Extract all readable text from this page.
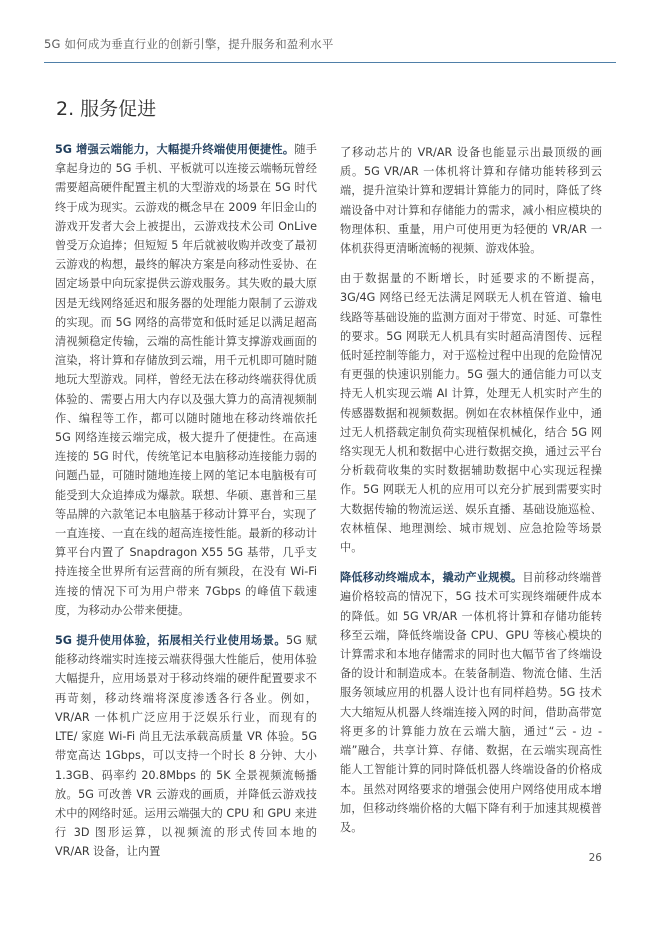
5G 如何成为垂直行业的创新引擎，提升服务和盈利水平
2. 服务促进

5G 增强云端能力，大幅提升终端使用便捷性。随手拿起身边的 5G 手机、平板就可以连接云端畅玩曾经需要超高硬件配置主机的大型游戏的场景在 5G 时代终于成为现实。云游戏的概念早在 2009 年旧金山的游戏开发者大会上被提出，云游戏技术公司 OnLive 曾受万众追捧；但短短 5 年后就被收购并改变了最初云游戏的构想，最终的解决方案是向移动性妥协、在固定场景中向玩家提供云游戏服务。其失败的最大原因是无线网络延迟和服务器的处理能力限制了云游戏的实现。而 5G 网络的高带宽和低时延足以满足超高清视频稳定传输，云端的高性能计算支撑游戏画面的渲染，将计算和存储放到云端，用千元机即可随时随地玩大型游戏。同样，曾经无法在移动终端获得优质体验的、需要占用大内存以及强大算力的高清视频制作、编程等工作，都可以随时随地在移动终端依托 5G 网络连接云端完成，极大提升了便捷性。在高速连接的 5G 时代，传统笔记本电脑移动连接能力弱的问题凸显，可随时随地连接上网的笔记本电脑极有可能受到大众追捧成为爆款。联想、华硕、惠普和三星等品牌的六款笔记本电脑基于移动计算平台，实现了一直连接、一直在线的超高连接性能。最新的移动计算平台内置了 Snapdragon X55 5G 基带，几乎支持连接全世界所有运营商的所有频段，在没有 Wi-Fi 连接的情况下可为用户带来 7Gbps 的峰值下载速度，为移动办公带来便捷。

5G 提升使用体验，拓展相关行业使用场景。5G 赋能移动终端实时连接云端获得强大性能后，使用体验大幅提升，应用场景对于移动终端的硬件配置要求不再苛刻，移动终端将深度渗透各行各业。例如，VR/AR 一体机广泛应用于泛娱乐行业，而现有的 LTE/ 家庭 Wi-Fi 尚且无法承载高质量 VR 体验。5G 带宽高达 1Gbps，可以支持一个时长 8 分钟、大小 1.3GB、码率约 20.8Mbps 的 5K 全景视频流畅播放。5G 可改善 VR 云游戏的画质，并降低云游戏技术中的网络时延。运用云端强大的 CPU 和 GPU 来进行 3D 图形运算，以视频流的形式传回本地的 VR/AR 设备，让内置

了移动芯片的 VR/AR 设备也能显示出最顶级的画质。5G VR/AR 一体机将计算和存储功能转移到云端，提升渲染计算和逻辑计算能力的同时，降低了终端设备中对计算和存储能力的需求，减小相应模块的物理体积、重量，用户可使用更为轻便的 VR/AR 一体机获得更清晰流畅的视频、游戏体验。

由于数据量的不断增长，时延要求的不断提高，3G/4G 网络已经无法满足网联无人机在管道、输电线路等基础设施的监测方面对于带宽、时延、可靠性的要求。5G 网联无人机具有实时超高清图传、远程低时延控制等能力，对于巡检过程中出现的危险情况有更强的快速识别能力。5G 强大的通信能力可以支持无人机实现云端 AI 计算，处理无人机实时产生的传感器数据和视频数据。例如在农林植保作业中，通过无人机搭载定制负荷实现植保机械化，结合 5G 网络实现无人机和数据中心进行数据交换，通过云平台分析载荷收集的实时数据辅助数据中心实现远程操作。5G 网联无人机的应用可以充分扩展到需要实时大数据传输的物流运送、娱乐直播、基础设施巡检、农林植保、地理测绘、城市规划、应急抢险等场景中。

降低移动终端成本，撬动产业规模。目前移动终端普遍价格较高的情况下，5G 技术可实现终端硬件成本的降低。如 5G VR/AR 一体机将计算和存储功能转移至云端，降低终端设备 CPU、GPU 等核心模块的计算需求和本地存储需求的同时也大幅节省了终端设备的设计和制造成本。在装备制造、物流仓储、生活服务领域应用的机器人设计也有同样趋势。5G 技术大大缩短从机器人终端连接入网的时间，借助高带宽将更多的计算能力放在云端大脑，通过“云 - 边 - 端”融合，共享计算、存储、数据，在云端实现高性能人工智能计算的同时降低机器人终端设备的价格成本。虽然对网络要求的增强会使用户网络使用成本增加，但移动终端价格的大幅下降有利于加速其规模普及。

26
